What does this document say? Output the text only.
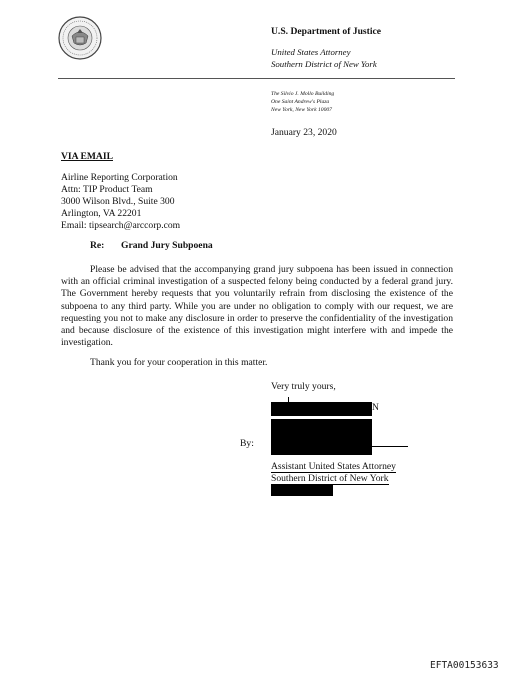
U.S. Department of Justice
United States Attorney
Southern District of New York
The Silvio J. Mollo Building
One Saint Andrew's Plaza
New York, New York 10007
January 23, 2020
VIA EMAIL
Airline Reporting Corporation
Attn: TIP Product Team
3000 Wilson Blvd., Suite 300
Arlington, VA 22201
Email: tipsearch@arccorp.com
Re: Grand Jury Subpoena
Please be advised that the accompanying grand jury subpoena has been issued in connection with an official criminal investigation of a suspected felony being conducted by a federal grand jury. The Government hereby requests that you voluntarily refrain from disclosing the existence of the subpoena to any third party. While you are under no obligation to comply with our request, we are requesting you not to make any disclosure in order to preserve the confidentiality of the investigation and because disclosure of the existence of this investigation might interfere with and impede the investigation.
Thank you for your cooperation in this matter.
Very truly yours,
N
By:
Assistant United States Attorney
Southern District of New York
EFTA00153633
